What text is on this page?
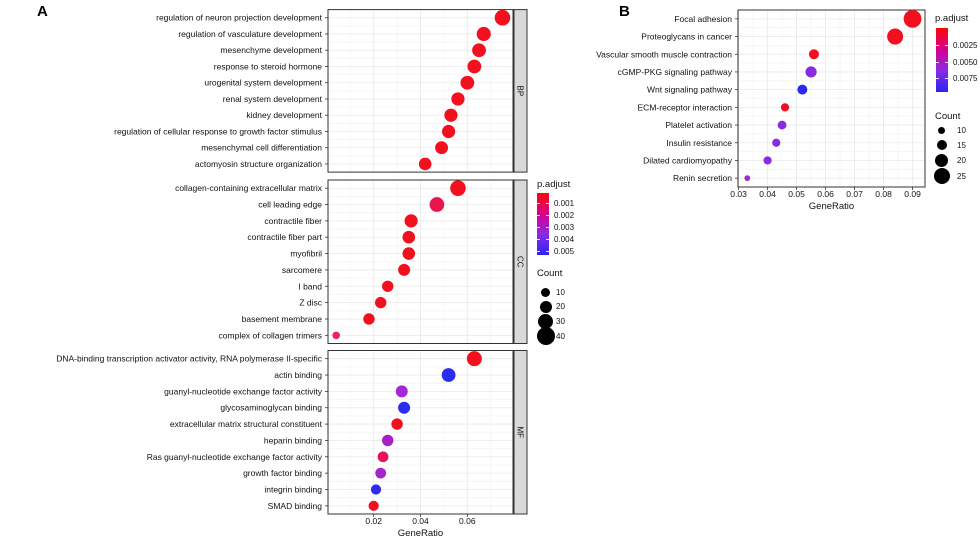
A	B
regulation of neuron projection development
regulation of vasculature development
mesenchyme development
response to steroid hormone
urogenital system development
renal system development
kidney development
regulation of cellular response to growth factor stimulus
mesenchymal cell differentiation
actomyosin structure organization
BP
collagen-containing extracellular matrix
cell leading edge
contractile fiber
contractile fiber part
myofibril
sarcomere
I band
Z disc
basement membrane
complex of collagen trimers
CC
DNA-binding transcription activator activity, RNA polymerase II-specific
actin binding
guanyl-nucleotide exchange factor activity
glycosaminoglycan binding
extracellular matrix structural constituent
heparin binding
Ras guanyl-nucleotide exchange factor activity
growth factor binding
integrin binding
SMAD binding
MF
0.02	0.04	0.06
GeneRatio
Focal adhesion
Proteoglycans in cancer
Vascular smooth muscle contraction
cGMP-PKG signaling pathway
Wnt signaling pathway
ECM-receptor interaction
Platelet activation
Insulin resistance
Dilated cardiomyopathy
Renin secretion
0.03 0.04 0.05 0.06 0.07 0.08 0.09
GeneRatio
p.adjust
0.001
0.002
0.003
0.004
0.005
Count
10
20
30
40
p.adjust
0.0025
0.0050
0.0075
Count
10
15
20
25
